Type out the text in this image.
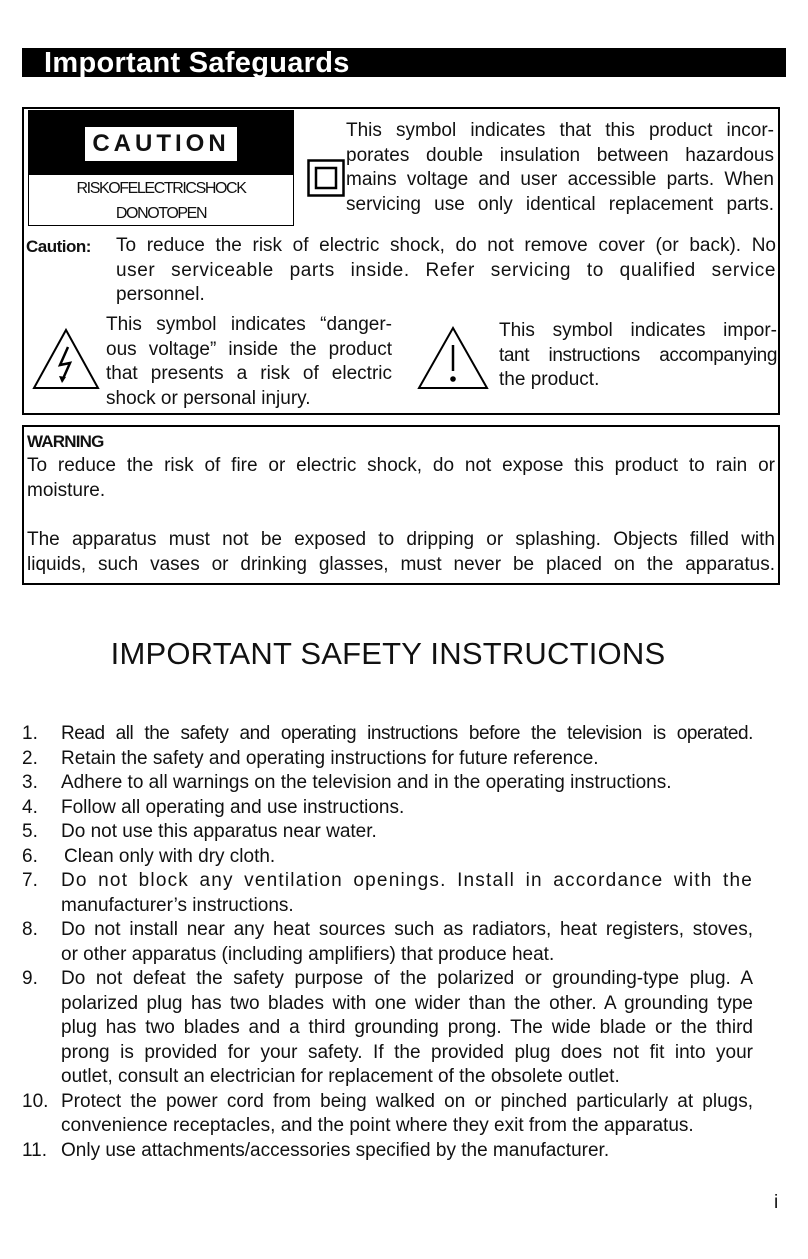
Important Safeguards
CAUTION
RISKOFELECTRICSHOCK
DONOTOPEN
This symbol indicates that this product incor-
porates double insulation between hazardous
mains voltage and user accessible parts. When
servicing use only identical replacement parts.
Caution: To reduce the risk of electric shock, do not remove cover (or back). No
user serviceable parts inside. Refer servicing to qualified service
personnel.
This symbol indicates “danger-
ous voltage” inside the product
that presents a risk of electric
shock or personal injury.
This symbol indicates impor-
tant instructions accompanying
the product.
WARNING
To reduce the risk of fire or electric shock, do not expose this product to rain or
moisture.
The apparatus must not be exposed to dripping or splashing. Objects filled with
liquids, such vases or drinking glasses, must never be placed on the apparatus.
IMPORTANT SAFETY INSTRUCTIONS
1. Read all the safety and operating instructions before the television is operated.
2. Retain the safety and operating instructions for future reference.
3. Adhere to all warnings on the television and in the operating instructions.
4. Follow all operating and use instructions.
5. Do not use this apparatus near water.
6. Clean only with dry cloth.
7. Do not block any ventilation openings. Install in accordance with the
manufacturer’s instructions.
8. Do not install near any heat sources such as radiators, heat registers, stoves,
or other apparatus (including amplifiers) that produce heat.
9. Do not defeat the safety purpose of the polarized or grounding-type plug. A
polarized plug has two blades with one wider than the other. A grounding type
plug has two blades and a third grounding prong. The wide blade or the third
prong is provided for your safety. If the provided plug does not fit into your
outlet, consult an electrician for replacement of the obsolete outlet.
10. Protect the power cord from being walked on or pinched particularly at plugs,
convenience receptacles, and the point where they exit from the apparatus.
11. Only use attachments/accessories specified by the manufacturer.
i
